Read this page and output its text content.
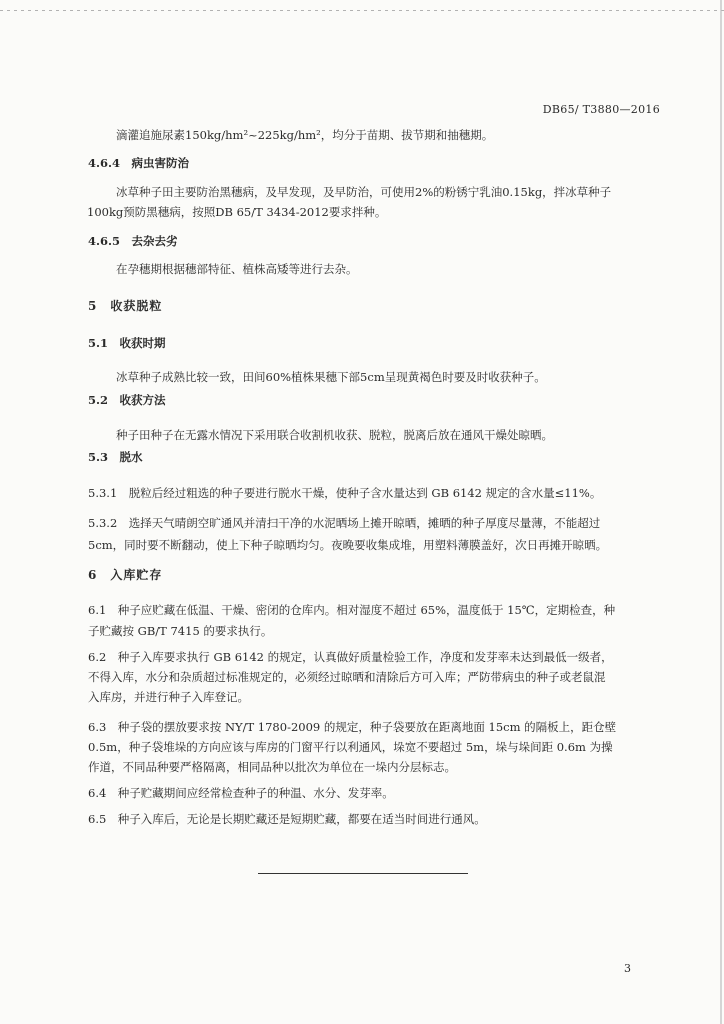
DB65/ T3880—2016
滴灌追施尿素150kg/hm²~225kg/hm²，均分于苗期、拔节期和抽穗期。
4.6.4　病虫害防治
冰草种子田主要防治黑穗病，及早发现，及早防治，可使用2%的粉锈宁乳油0.15kg，拌冰草种子
100kg预防黑穗病，按照DB 65/T 3434-2012要求拌种。
4.6.5　去杂去劣
在孕穗期根据穗部特征、植株高矮等进行去杂。
5　收获脱粒
5.1　收获时期
冰草种子成熟比较一致，田间60%植株果穗下部5cm呈现黄褐色时要及时收获种子。
5.2　收获方法
种子田种子在无露水情况下采用联合收割机收获、脱粒，脱离后放在通风干燥处晾晒。
5.3　脱水
5.3.1　脱粒后经过粗选的种子要进行脱水干燥，使种子含水量达到 GB 6142 规定的含水量≤11%。
5.3.2　选择天气晴朗空旷通风并清扫干净的水泥晒场上摊开晾晒，摊晒的种子厚度尽量薄，不能超过
5cm，同时要不断翻动，使上下种子晾晒均匀。夜晚要收集成堆，用塑料薄膜盖好，次日再摊开晾晒。
6　入库贮存
6.1　种子应贮藏在低温、干燥、密闭的仓库内。相对湿度不超过 65%，温度低于 15℃，定期检查，种
子贮藏按 GB/T 7415 的要求执行。
6.2　种子入库要求执行 GB 6142 的规定，认真做好质量检验工作，净度和发芽率未达到最低一级者，
不得入库，水分和杂质超过标准规定的，必须经过晾晒和清除后方可入库；严防带病虫的种子或老鼠混
入库房，并进行种子入库登记。
6.3　种子袋的摆放要求按 NY/T 1780-2009 的规定，种子袋要放在距离地面 15cm 的隔板上，距仓壁
0.5m，种子袋堆垛的方向应该与库房的门窗平行以利通风，垛宽不要超过 5m，垛与垛间距 0.6m 为操
作道，不同品种要严格隔离，相同品种以批次为单位在一垛内分层标志。
6.4　种子贮藏期间应经常检查种子的种温、水分、发芽率。
6.5　种子入库后，无论是长期贮藏还是短期贮藏，都要在适当时间进行通风。
3
